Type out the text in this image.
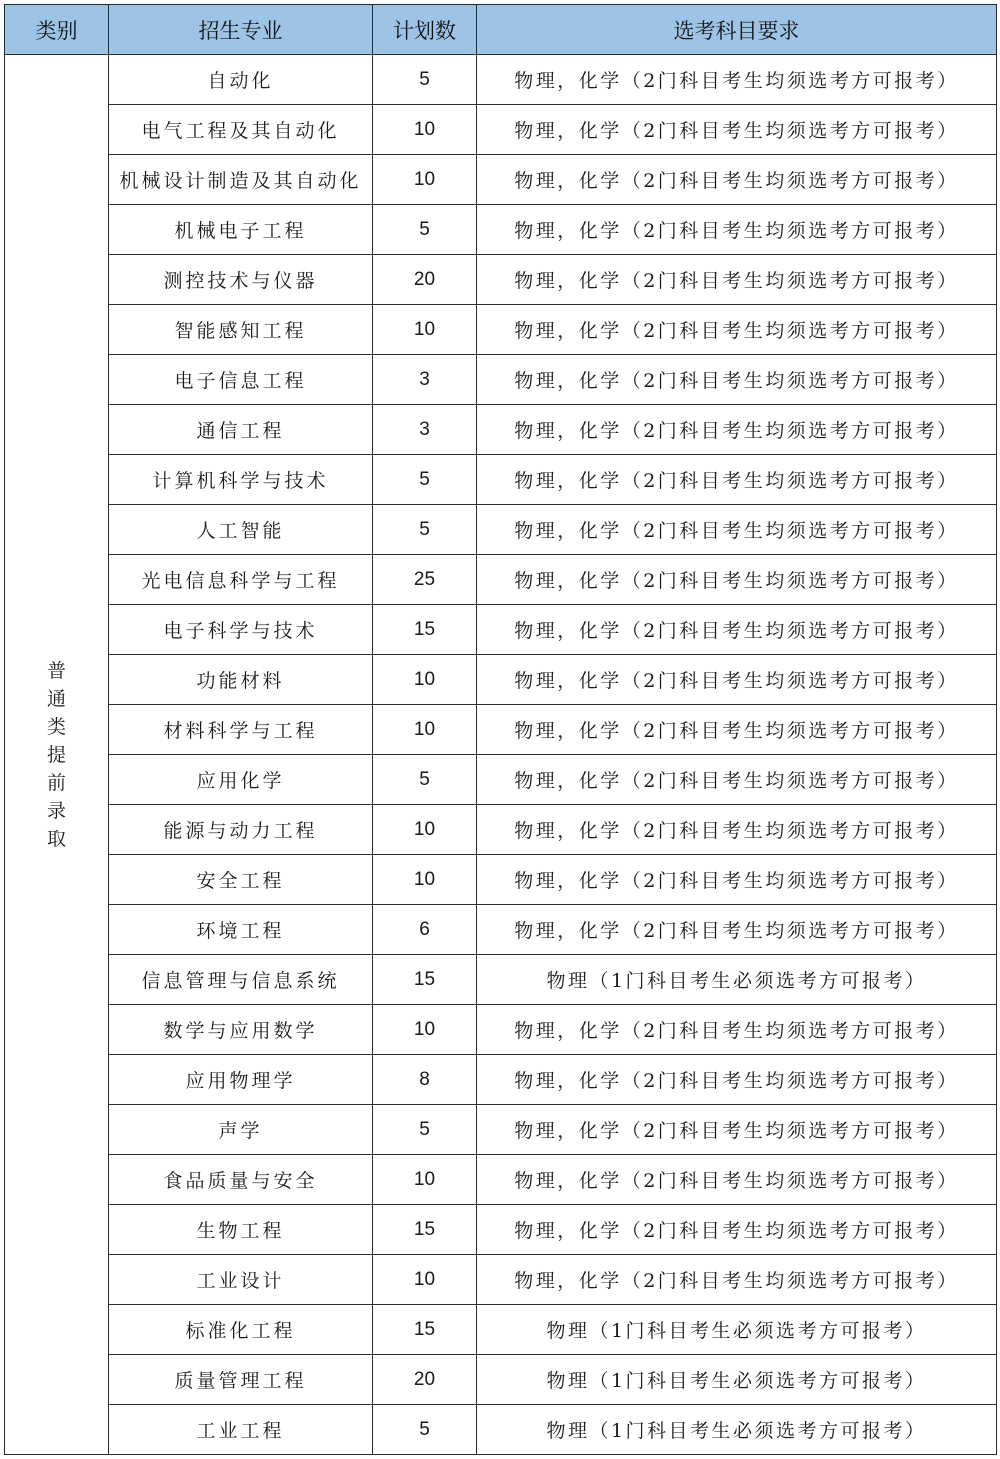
类别	招生专业	计划数	选考科目要求
普通类提前录取	自动化	5	物理，化学（2门科目考生均须选考方可报考）
	电气工程及其自动化	10	物理，化学（2门科目考生均须选考方可报考）
	机械设计制造及其自动化	10	物理，化学（2门科目考生均须选考方可报考）
	机械电子工程	5	物理，化学（2门科目考生均须选考方可报考）
	测控技术与仪器	20	物理，化学（2门科目考生均须选考方可报考）
	智能感知工程	10	物理，化学（2门科目考生均须选考方可报考）
	电子信息工程	3	物理，化学（2门科目考生均须选考方可报考）
	通信工程	3	物理，化学（2门科目考生均须选考方可报考）
	计算机科学与技术	5	物理，化学（2门科目考生均须选考方可报考）
	人工智能	5	物理，化学（2门科目考生均须选考方可报考）
	光电信息科学与工程	25	物理，化学（2门科目考生均须选考方可报考）
	电子科学与技术	15	物理，化学（2门科目考生均须选考方可报考）
	功能材料	10	物理，化学（2门科目考生均须选考方可报考）
	材料科学与工程	10	物理，化学（2门科目考生均须选考方可报考）
	应用化学	5	物理，化学（2门科目考生均须选考方可报考）
	能源与动力工程	10	物理，化学（2门科目考生均须选考方可报考）
	安全工程	10	物理，化学（2门科目考生均须选考方可报考）
	环境工程	6	物理，化学（2门科目考生均须选考方可报考）
	信息管理与信息系统	15	物理（1门科目考生必须选考方可报考）
	数学与应用数学	10	物理，化学（2门科目考生均须选考方可报考）
	应用物理学	8	物理，化学（2门科目考生均须选考方可报考）
	声学	5	物理，化学（2门科目考生均须选考方可报考）
	食品质量与安全	10	物理，化学（2门科目考生均须选考方可报考）
	生物工程	15	物理，化学（2门科目考生均须选考方可报考）
	工业设计	10	物理，化学（2门科目考生均须选考方可报考）
	标准化工程	15	物理（1门科目考生必须选考方可报考）
	质量管理工程	20	物理（1门科目考生必须选考方可报考）
	工业工程	5	物理（1门科目考生必须选考方可报考）
